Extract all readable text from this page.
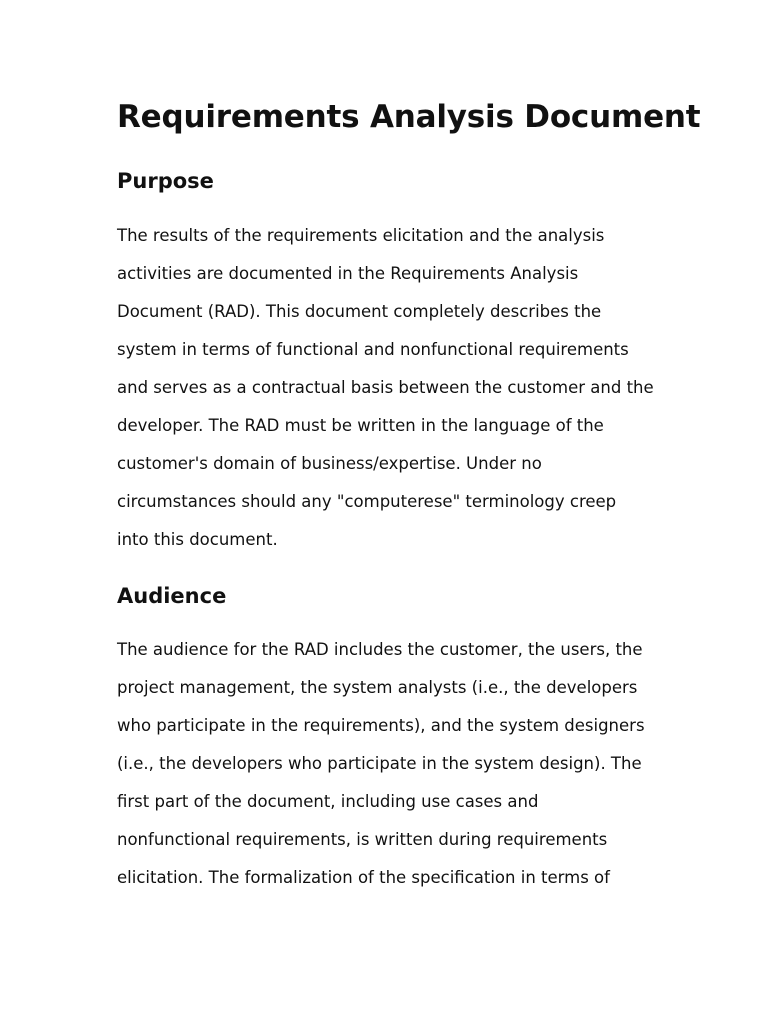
Requirements Analysis Document
Purpose

The results of the requirements elicitation and the analysis
activities are documented in the Requirements Analysis
Document (RAD). This document completely describes the
system in terms of functional and nonfunctional requirements
and serves as a contractual basis between the customer and the
developer. The RAD must be written in the language of the
customer's domain of business/expertise. Under no
circumstances should any "computerese" terminology creep
into this document.

Audience

The audience for the RAD includes the customer, the users, the
project management, the system analysts (i.e., the developers
who participate in the requirements), and the system designers
(i.e., the developers who participate in the system design). The
first part of the document, including use cases and
nonfunctional requirements, is written during requirements
elicitation. The formalization of the specification in terms of
